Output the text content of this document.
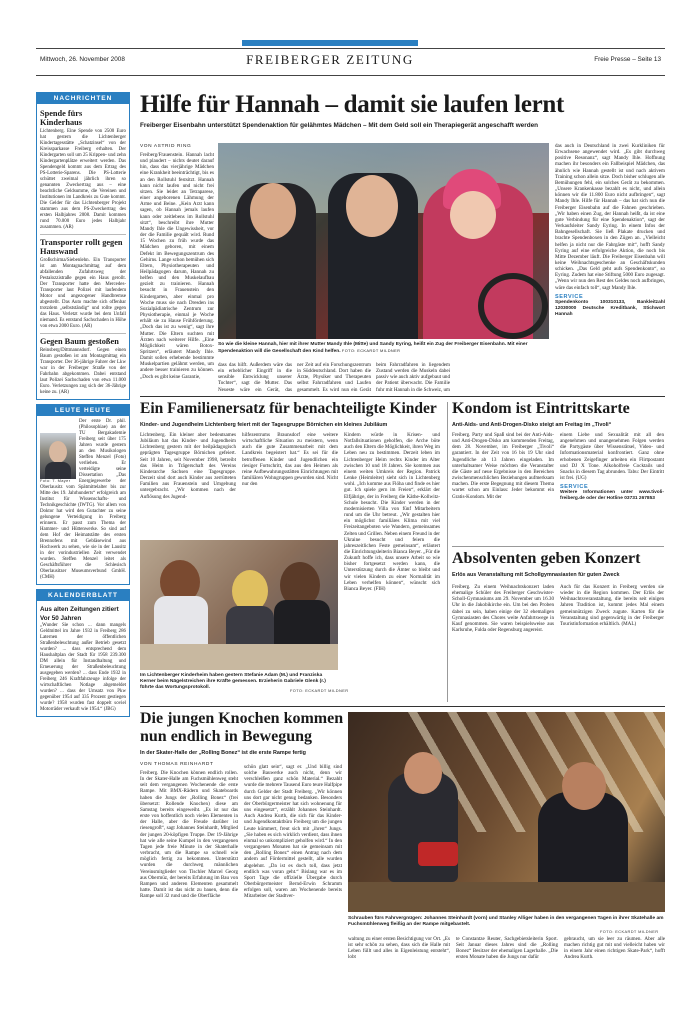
Mittwoch, 26. November 2008	FREIBERGER ZEITUNG	Freie Presse – Seite 13
NACHRICHTEN
Spende fürs Kinderhaus
Lichtenberg. Eine Spende von 2500 Euro hat gestern die Lichtenberger Kindertagesstätte „Schatzinsel“ von der Kreissparkasse Freiberg erhalten. Der Kindergarten soll um 25 Krippen- und zehn Kindergartenplätze erweitert werden. Das Spendengeld kommt aus dem Ertrag des PS-Lotterie-Sparens. Die PS-Lotterie schüttet zweimal jährlich ihren so genannten Zweckertrag aus – eine beachtliche Geldsumme, die Vereinen und Institutionen im Landkreis zu Gute kommt. Die Gelder für das Lichtenberger Projekt stammen aus dem PS-Zweckertrag des ersten Halbjahres 2008. Damit kommen rund 70.000 Euro jedes Halbjahr zusammen. (AR)
Transporter rollt gegen Hauswand
Großschirma/Siebenlehn. Ein Transporter ist am Montagnachmittag auf dem abfallenden Zufahrtsweg der Pestalozzistraße gegen ein Haus gerollt. Der Transporter hatte den Mercedes-Transporter laut Polizei mit laufendem Motor und angezogener Handbremse abgestellt. Das Auto machte sich offenbar trotzdem „selbstständig“ und rollte gegen das Haus. Verletzt wurde bei dem Unfall niemand. Es entstand Sachschaden in Höhe von etwa 2000 Euro. (AR)
Gegen Baum gestoßen
Reinsberg/Dittmannsdorf. Gegen einen Baum gestoßen ist am Montagmittag ein Transporter. Der 36-jährige Fahrer der Lkw war in der Freiberger Straße von der Fahrbahn abgekommen. Dabei entstand laut Polizei Sachschaden von etwa 11.000 Euro. Verletzungen zog sich der 36-Jährige keine zu. (AR)
LEUTE HEUTE
Der erste Dr. phil. (Philosophiae) an der TU Bergakademie Freiberg seit über 175 Jahren wurde gestern an den Musikologen Steffen Menzel (Foto) verliehen. Er verteidigte seine Dissertation „Das Energiegewerbe der Oberlausitz vom Spätmittelalter bis zur Mitte des 19. Jahrhunderts“ erfolgreich am Institut für Wissenschafts- und Technikgeschichte (IWTG). Vor allem von Doktor hat wird den Gutachter zu seine gelungene Verteidigung in Freiberg erinnern. Er passt zum Thema der Hammer- und Hüttenwerke. So sind auf dem Hof der Heimatstätte des ersten Brennofens mit Gebläsewind aus Hochwerk zu sehen, wie sie in der Lausitz in der vorindustriellen Zeit verwendet wurden. Steffen Menzel leitet als Geschäftsführer die Schlesisch Oberlausitzer Museumsverbund GmbH. (CMH)
Foto: T. Mayer
KALENDERBLATT
Aus alten Zeitungen zitiert
Vor 50 Jahren
„Wunder Sie schon ... dann mangels Geldmittel im Jahre 1932 in Freiberg 286 Laternen der öffentlichen Straßenbeleuchtung außer Betrieb gesetzt wurden? ... dass entsprechend dem Haushaltplan der Stadt für 1958 239.300 DM allein für Instandhaltung und Erneuerung der Straßenbeleuchtung ausgegeben werden? ... dass Ende 1932 in Freiberg 246 Kraftfahrzeuge infolge der wirtschaftlichen Notlage abgemeldet wurden? ... dass der Umsatz von Pkw gegenüber 1954 auf 335 Prozent gestiegen wurde? 1958 wurden fast doppelt soviel Motorräder verkauft wie 1954.“ (JBG)
Hilfe für Hannah – damit sie laufen lernt
Freiberger Eisenbahn unterstützt Spendenaktion für gelähmtes Mädchen – Mit dem Geld soll ein Therapiegerät angeschafft werden
VON ASTRID RING
Freiberg/Frauenstein. Hannah lacht und plaudert – nichts deutet darauf hin, dass das vierjährige Mädchen eine Krankheit beeinträchtigt, bis es an den Rollstuhl festsitzt. Hannah kann nicht laufen und nicht frei sitzen. Sie leidet an Tetraparese, einer angeborenen Lähmung der Arme und Beine. „Kein Arzt kann sagen, ob Hannah jemals laufen kann oder zeitlebens im Rollstuhl sitzt“, beschreibt ihre Mutter Mandy Ihle die Ungewissheit, vor der die Familie gequält wird. Rund 15 Wochen zu früh wurde das Mädchen geboren, mit einem Defekt im Bewegungszentrum des Gehirns. Lange schon bemühen sich Eltern, Physiotherapeuten und Heilpädagogen darum, Hannah zu helfen und den Muskelaufbau gezielt zu trainieren. Hannah besucht in Frauenstein den Kindergarten, aber einmal pro Woche muss sie nach Dresden ins Sozialpädiatrische Zentrum zur Physiotherapie, einmal je Woche erhält sie zu Hause Frühförderung. „Doch das ist zu wenig“, sagt ihre Mutter. Die Eltern suchten mit Ärzten nach weiterer Hilfe. „Eine Möglichkeit wären Botox-Spritzen“, erläutert Mandy Ihle. Damit sollen erhebende bestimmte Muskelpartien gelähmt werden, um andere besser trainieren zu können. „Doch es gibt keine Garantie,
So wie die kleine Hannah, hier mit ihrer Mutter Mandy Ihle (Mitte) und Sandy Eyring, heißt ein Zug der Freiberger Eisenbahn. Mit einer Spendenaktion will die Gesellschaft den Kind helfen. FOTO: ECKARDT MILDNER
dass das hilft. Außerdem wäre das ein erheblicher Eingriff in die sensible Entwicklung unserer Tochter“, sagt die Mutter. Das Neueste wäre ein Gerät, das
ner Zeit auf ein Forschungszentrum in Süddeutschland. Dort haben die Ärzte, Physiker und Therapeuten selbst Fahrradfahren und Laufen gesammelt. Es wird nun ein Gerät
beim Fahrradfahren in liegendem Zustand werden die Muskeln dabei passiv wie auch aktiv aufgebaut und der Patient überwacht. Die Familie fuhr mit Hannah in die Schweiz, um
das auch in Deutschland in zwei Kurkliniken für Erwachsene angewendet wird. „Es gibt durchweg positive Resonanz“, sagt Mandy Ihle. Hoffnung machen ihr besonders ein Fallbeispiel Mädchen, das ähnlich wie Hannah gestellt ist und nach aktivem Training schon allein sitze. Doch bisher schlugen alle Bemühungen fehl, ein solches Gerät zu bekommen. „Unsere Krankenkasse bezahlt es nicht, und allein können wir die 11.800 Euro nicht aufbringen“, sagt Mandy Ihle. Hilfe für Hannah – das hat sich nun die Freiberger Eisenbahn auf die Fahnen geschrieben. „Wir haben einen Zug, der Hannah heißt, da ist eine gute Verbindung für eine Spendenaktion“, sagt der Verkaufsleiter Sandy Eyring. In einem Infos der Bahngesellschaft. Sie ließ Plakate drucken und brachte Spendenboxen in den Zügen an. „Vielleicht helfen ja nicht nur die Fahrgäste mit“, hofft Sandy Eyring auf eine erfolgreiche Aktion, die noch bis Mitte Dezember läuft. Die Freiberger Eisenbahn will keine Weihnachtsgeschenke an Geschäftskunden schicken. „Das Geld geht aufs Spendenkonto“, so Eyring. Zudem hat eine Stiftung 5000 Euro zugesagt. „Wenn wir nun den Rest des Geldes noch aufbringen, wäre das einfach toll“, sagt Mandy Ihle.
SERVICE
Spendenkonto 100310133, Bankleitzahl 12030000 Deutsche Kreditbank, Stichwort Hannah
Ein Familienersatz für benachteiligte Kinder
Kinder- und Jugendheim Lichtenberg feiert mit der Tagesgruppe Börnichen ein kleines Jubiläum
Lichtenberg. Ein kleiner aber bedeutsames Jubiläum hat das Kinder- und Jugendheim Lichtenberg gestern mit der heilpädagogisch geprägten Tagesgruppe Börnichen gefeiert. Seit 10 Jahren, seit November 1998, betreibt das Heim in Trägerschaft des Vereins Kinderarche Sachsen eine Tagesgruppe. Derzeit sind dort auch Kinder aus zerrütteten Familien aus Frauenstein und Umgebung untergebracht. „Wir kommen nach der Auflösung des Jugend-
hilfezentrums Braunsdorf eine weitere wirtschaftliche Situation zu meistern, wenn auch die gute Zusammenarbeit mit dem Landkreis begeistert hat.“ Es sei für die betroffenen Kinder und Jugendlichen ein riesiger Fortschritt, das aus den Heimen als reine Aufbewahrungsstätten Einrichtungen mit familiären Wohngruppen geworden sind. Nicht nur den
Kindern würde in Krisen- und Notfallsituationen geholfen, die Arche böte auch den Eltern die Möglichkeit, ihren Weg im Leben neu zu bestimmen. Derzeit leben im Lichtenberger Heim rechts Kinder im Alter zwischen 10 und 18 Jahren. Sie kommen aus einem weiten Umkreis der Region. Patrick Lenke (Heimleiter) sieht sich in Lichtenberg wohl. „Ich komme aus Flöha und finde es hier gut. Ich spiele gern im Freien“, erklärt der Elfjährige, der in Freiberg die Käthe-Kollwitz-Schule besucht. Die Kinder werden in der modernisierten Villa von fünf Mitarbeitern rund um die Uhr betreut. „Wir gestalten hier ein möglichst familiäres Klima mit viel Freizeitangeboten wie Wandern, gemeinsames Zelten und Grillen. Neben einem Freund in der Ukraine besucht und feiern die jahreszeitlichen Feste gemeinsam“, erläutert die Einrichtungsleiterin Bianca Beyer. „Für die Zukunft hoffe ich, dass unsere Arbeit so wie bisher fortgesetzt werden kann, die Unterstützung durch die Ämter so bleibt und wir vielen Kindern zu einer Normalität im Leben verhelfen können“, wünscht sich Bianca Beyer. (FIH)
Im Lichtenberger Kinderheim haben gestern Stefanie Adam (M.) und Franziska Kerner beim Nägelstreichen ihre Kräfte gemessen. Erzieherin Gabriele Glenk (r.) führte das Wortungsprotokoll.
FOTO: ECKARDT MILDNER
Kondom ist Eintrittskarte
Anti-Aids- und Anti-Drogen-Disko steigt am Freitag im „Tivoli“
Freiberg. Party und Spaß sind bei der Anti-Aids- und Anti-Drogen-Disko am kommenden Freitag, dem 28. November, im Freiberger „Tivoli“ garantiert. In der Zeit von 16 bis 19 Uhr sind Jugendliche ab 13 Jahren eingeladen. Im unterhaltsamer Weise möchten die Veranstalter die Gäste auf neue Ergebnisse in den Bereichen zwischenmenschlichen Beziehungen aufmerksam machen. Die erste Begegnung mit diesem Thema wartet schon am Einlass: Jeder bekommt ein Gratis-Kondom. Mit der
einem Liebe und Sexualität mit all den angenehmen und unangenehmen Folgen werden die Partygäste über Wissensrätsel, Video- und Informationsmaterial konfrontiert. Ganz ohne erhobenen Zeigefinger arbeiten ein Flirtpostamt und DJ X Tone. Alkoholfreie Cocktails und Snacks in diesem Tag abrunden. Tabu: Der Eintritt ist frei. (UG)
SERVICE
Weitere Informationen unter www.tivoli-freiberg.de oder der Hotline 03731 267853
Absolventen geben Konzert
Erlös aus Veranstaltung mit Schollgymnasiasten für guten Zweck
Freiberg. Zu einem Weihnachtskonzert laden ehemalige Schüler des Freiberger Geschwister-Scholl-Gymnasiums am 29. November um 16.30 Uhr in die Jakobikirche ein. Um bei den Proben dabei zu sein, haben einige der 32 ehemaligen Gymnasiasten des Chores weite Anfahrtswege in Kauf genommen. Sie waren beispielsweise aus Karlsruhe, Fulda oder Regensburg angereist.
Auch für das Konzert in Freiberg werden sie wieder in die Region kommen. Der Erlös der Weihnachtsveranstaltung, die bereits seit einigen Jahren Tradition ist, kommt jedes Mal einem gemeinnützigen Zweck zugute. Karten für die Veranstaltung sind gegenwärtig in der Freiberger Touristinformation erhältlich. (MAL)
Die jungen Knochen kommen
nun endlich in Bewegung
In der Skater-Halle der „Rolling Bonez“ ist die erste Rampe fertig
VON THOMAS REINHARDT
Freiberg. Die Knochen können endlich rollen. In der Skater-Halle am Fuchsmühlenweg steht seit dem vergangenen Wochenende die erste Rampe. Mit BMX-Rädern und Skateboards haben die Jungs der „Rolling Bonez“ (frei übersetzt: Rollende Knochen) diese am Samstag bereits eingeweiht. „Es ist nur das erste von hoffentlich noch vielen Elementen in der Halle, aber die Freude darüber ist riesengroß“, sagt Johannes Steinhardt, Mitglied der jungen 20-köpfigen Truppe. Der 19-Jährige hat wie alle seine Kumpel in den vergangenen Tagen jede freie Minute in der Skaterhalle verbracht, um die Rampe so schnell wie möglich fertig zu bekommen. Unterstützt wurden die durchweg männlichen Vereinsmitglieder von Tischler Marcel Georg aus Obermüz, der bereits Erfahrung im Bau von Rampen und anderen Elementen gesammelt hatte. Damit ist das nicht zu bauen, denn die Rampe soll 32 rund und die Oberfläche
schön glatt sein“, sagt er. „Und billig sind solche Bauwerke auch nicht, denn wir verschleißen ganz schön Material.“ Bezahlt wurde die mehrere Tausend Euro teure Halfpipe durch Gelder der Stadt Freiberg. „Wir können uns dort gar nicht genug bedanken. Besonders der Oberbürgermeister hat sich wohnenung für uns eingesetzt“, erzählt Johannes Steinhardt. Auch Andrea Kurth, die sich für das Kinder- und Jugendkontaktbüro Freiberg um die jungen Leute kümmert, freut sich mit „ihren“ Jungs. „Sie haben es sich wirklich verdient, dass ihnen einmal so unkompliziert geholfen wird.“ In den vergangenen Monaten hat sie gemeinsam mit den „Rolling Bonez“ einen Antrag nach dem andern auf Fördermittel gestellt, alle wurden abgelehnt. „Da ist es doch toll, dass jetzt endlich was voran geht.“ Bislang war es im Sport Tage die offizielle Übergabe durch Oberbürgermeister Bernd-Erwin Schramm erfolgen soll, waren am Wochenende bereits Mitarbeiter der Stadtver-
Schrauben fürs Fahrvergnügen: Johannes Steinhardt (vorn) und Stanley Alliger haben in den vergangenen Tagen in ihrer Skatehalle am Fuchsmühlenweg fleißig an der Rampe mitgebastelt.
FOTO: ECKARDT MILDNER
waltung zu einer ersten Besichtigung vor Ort. „Es ist sehr schön zu sehen, dass sich die Halle mit Leben füllt und alles in Eigenleistung entsteht“, lobt
te Constantze Reuter, Sachgebietsleiterin Sport. Seit Januar dieses Jahres sind die „Rolling Bonez“ Besitzer der ehemaligen Lagerhalle. „Die ersten Monate haben die Jungs nur dafür
gebraucht, um sie leer zu räumen. Aber alle machen richtig gut mit und vielleicht haben wir in einem Jahr einen richtigen Skate-Park“, hofft Andrea Kurth.
